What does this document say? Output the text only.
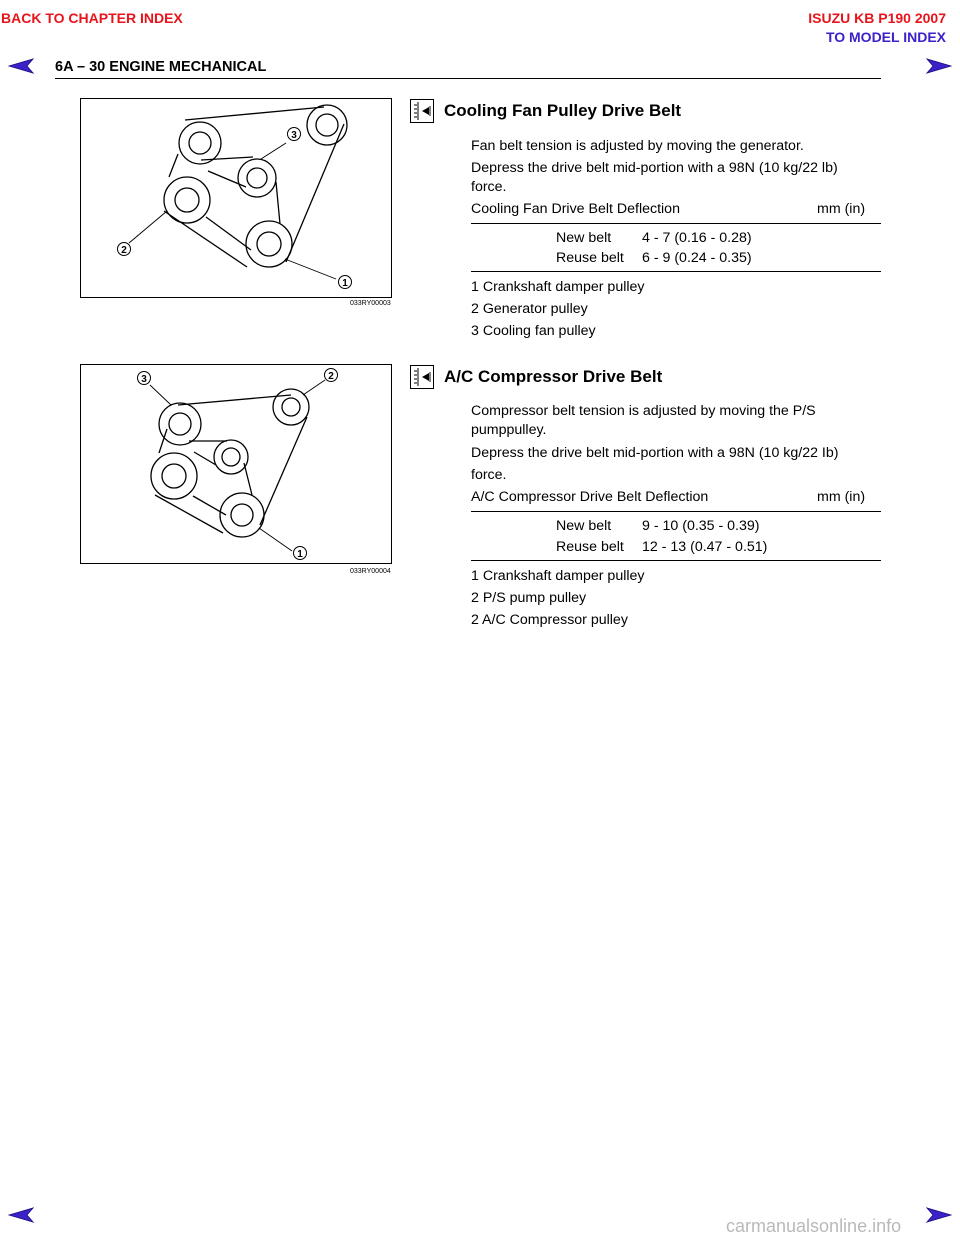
BACK TO CHAPTER INDEX	ISUZU KB P190 2007
TO MODEL INDEX
6A – 30 ENGINE MECHANICAL
3
2
1
033RY00003
Cooling Fan Pulley Drive Belt
Fan belt tension is adjusted by moving the generator.
Depress the drive belt mid-portion with a 98N (10 kg/22 lb)
force.
Cooling Fan Drive Belt Deflection	mm (in)
New belt 4 - 7 (0.16 - 0.28)
Reuse belt 6 - 9 (0.24 - 0.35)
1 Crankshaft damper pulley
2 Generator pulley
3 Cooling fan pulley
3	2
1
033RY00004
A/C Compressor Drive Belt
Compressor belt tension is adjusted by moving the P/S
pumppulley.
Depress the drive belt mid-portion with a 98N (10 kg/22 Ib)
force.
A/C Compressor Drive Belt Deflection	mm (in)
New belt 9 - 10 (0.35 - 0.39)
Reuse belt 12 - 13 (0.47 - 0.51)
1 Crankshaft damper pulley
2 P/S pump pulley
2 A/C Compressor pulley
carmanualsonline.info
